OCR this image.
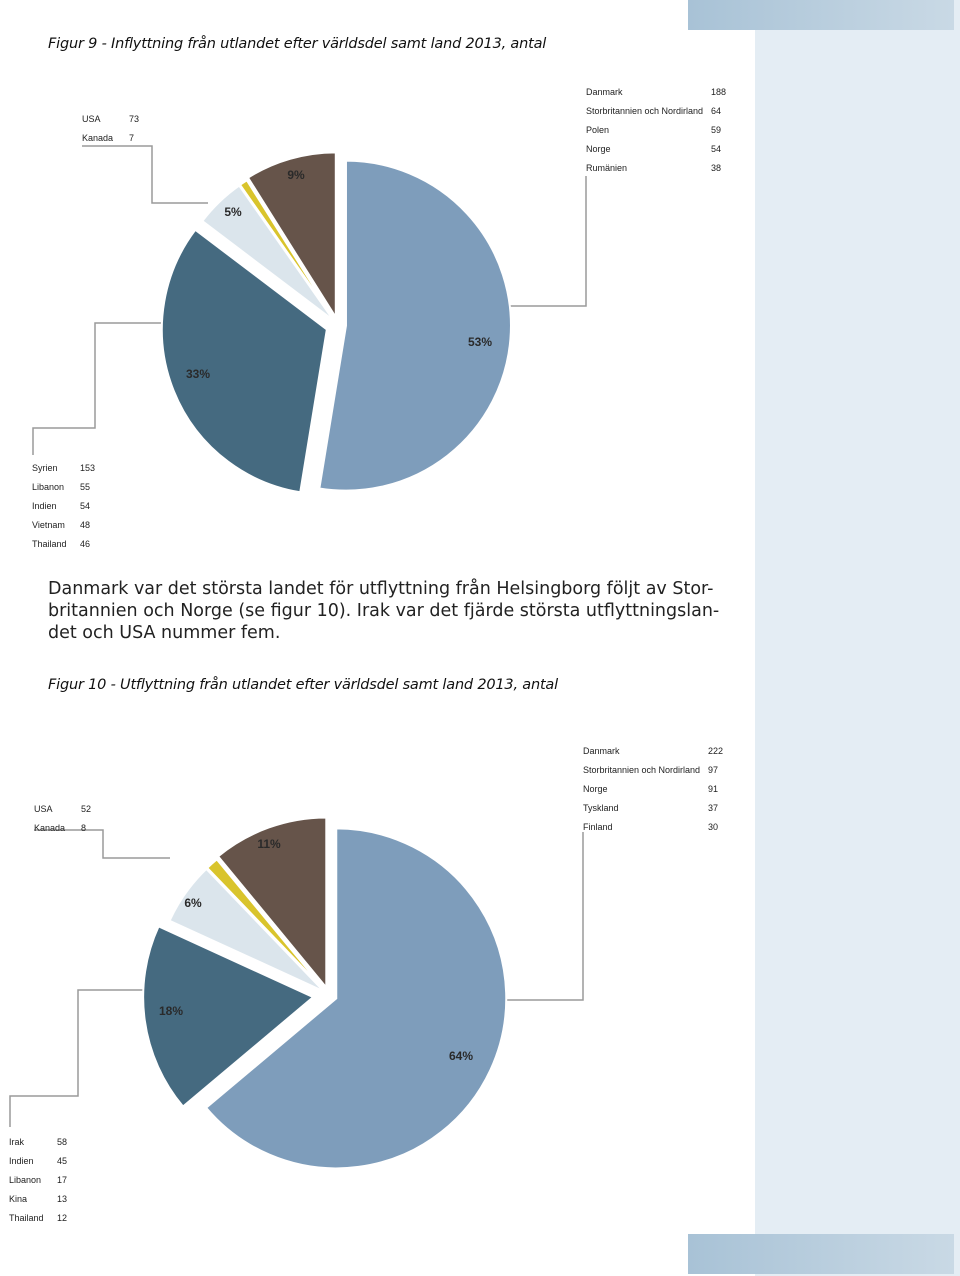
Figur 9 - Inflyttning från utlandet efter världsdel samt land 2013, antal
53%
33%
5%
9%
Danmark	188
Storbritannien och Nordirland 64
Polen	59
Norge	54
Rumänien	38
USA	73
Kanada 7
Syrien 153
Libanon 55
Indien	54
Vietnam 48
Thailand 46

Danmark var det största landet för utflyttning från Helsingborg följt av Stor-
britannien och Norge (se figur 10). Irak var det fjärde största utflyttningslan-
det och USA nummer fem.

Figur 10 - Utflyttning från utlandet efter världsdel samt land 2013, antal
64%
18%
6%
11%
Danmark	222
Storbritannien och Nordirland 97
Norge	91
Tyskland	37
Finland	30
USA	52
Kanada 8
Irak	58
Indien	45
Libanon 17
Kina	13
Thailand 12
